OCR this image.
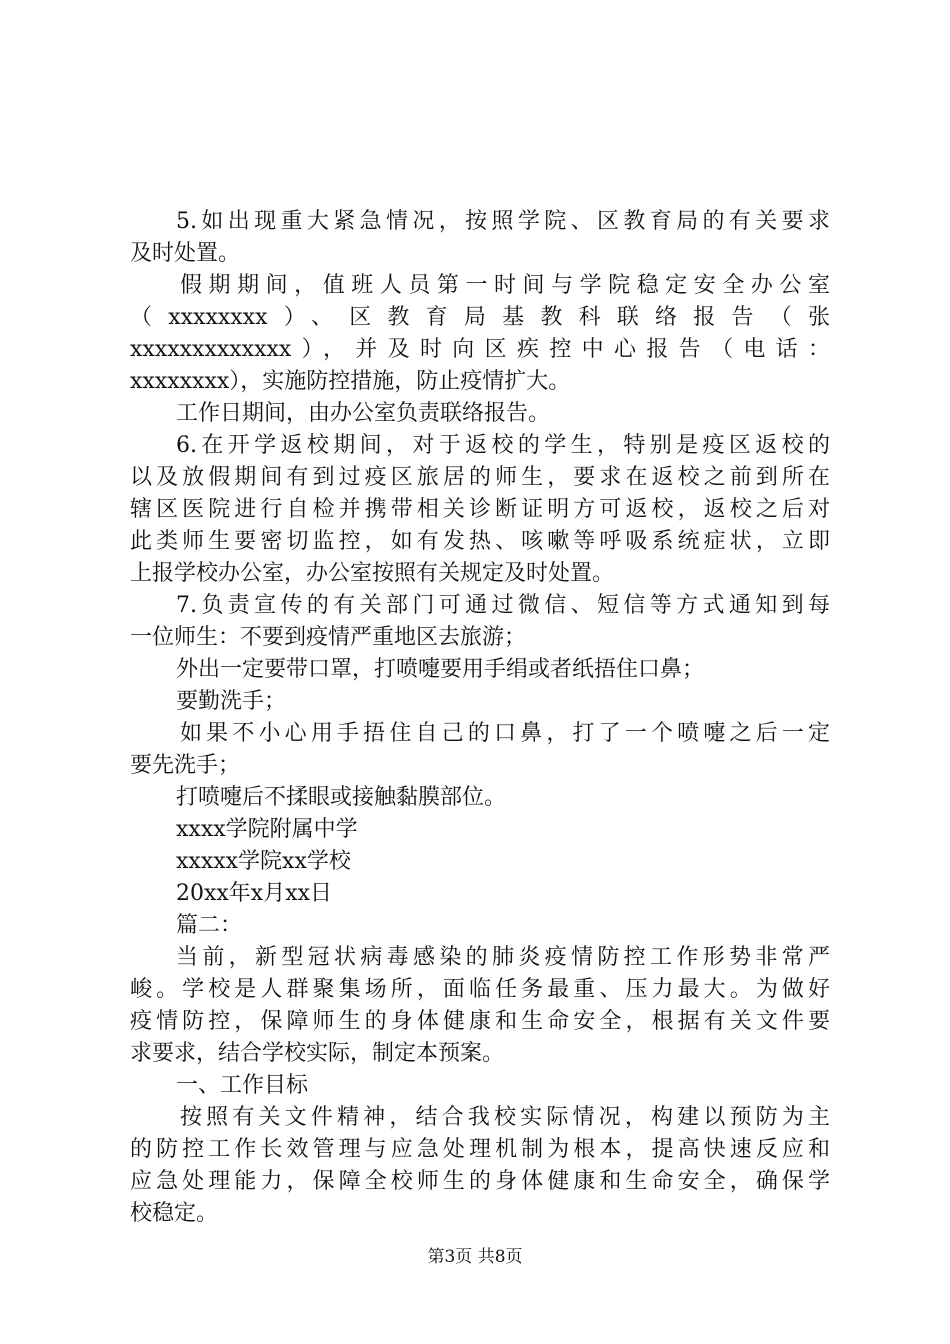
5.如出现重大紧急情况，按照学院、区教育局的有关要求
及时处置。
假期期间，值班人员第一时间与学院稳定安全办公室
（xxxxxxxx）、区教育局基教科联络报告（张
xxxxxxxxxxxxx），并及时向区疾控中心报告（电话：
xxxxxxxx），实施防控措施，防止疫情扩大。
工作日期间，由办公室负责联络报告。
6.在开学返校期间，对于返校的学生，特别是疫区返校的
以及放假期间有到过疫区旅居的师生，要求在返校之前到所在
辖区医院进行自检并携带相关诊断证明方可返校，返校之后对
此类师生要密切监控，如有发热、咳嗽等呼吸系统症状，立即
上报学校办公室，办公室按照有关规定及时处置。
7.负责宣传的有关部门可通过微信、短信等方式通知到每
一位师生：不要到疫情严重地区去旅游；
外出一定要带口罩，打喷嚏要用手绢或者纸捂住口鼻；
要勤洗手；
如果不小心用手捂住自己的口鼻，打了一个喷嚏之后一定
要先洗手；
打喷嚏后不揉眼或接触黏膜部位。
xxxx学院附属中学
xxxxx学院xx学校
20xx年x月xx日
篇二：
当前，新型冠状病毒感染的肺炎疫情防控工作形势非常严
峻。学校是人群聚集场所，面临任务最重、压力最大。为做好
疫情防控，保障师生的身体健康和生命安全，根据有关文件要
求要求，结合学校实际，制定本预案。
一、工作目标
按照有关文件精神，结合我校实际情况，构建以预防为主
的防控工作长效管理与应急处理机制为根本，提高快速反应和
应急处理能力，保障全校师生的身体健康和生命安全，确保学
校稳定。
第3页 共8页
